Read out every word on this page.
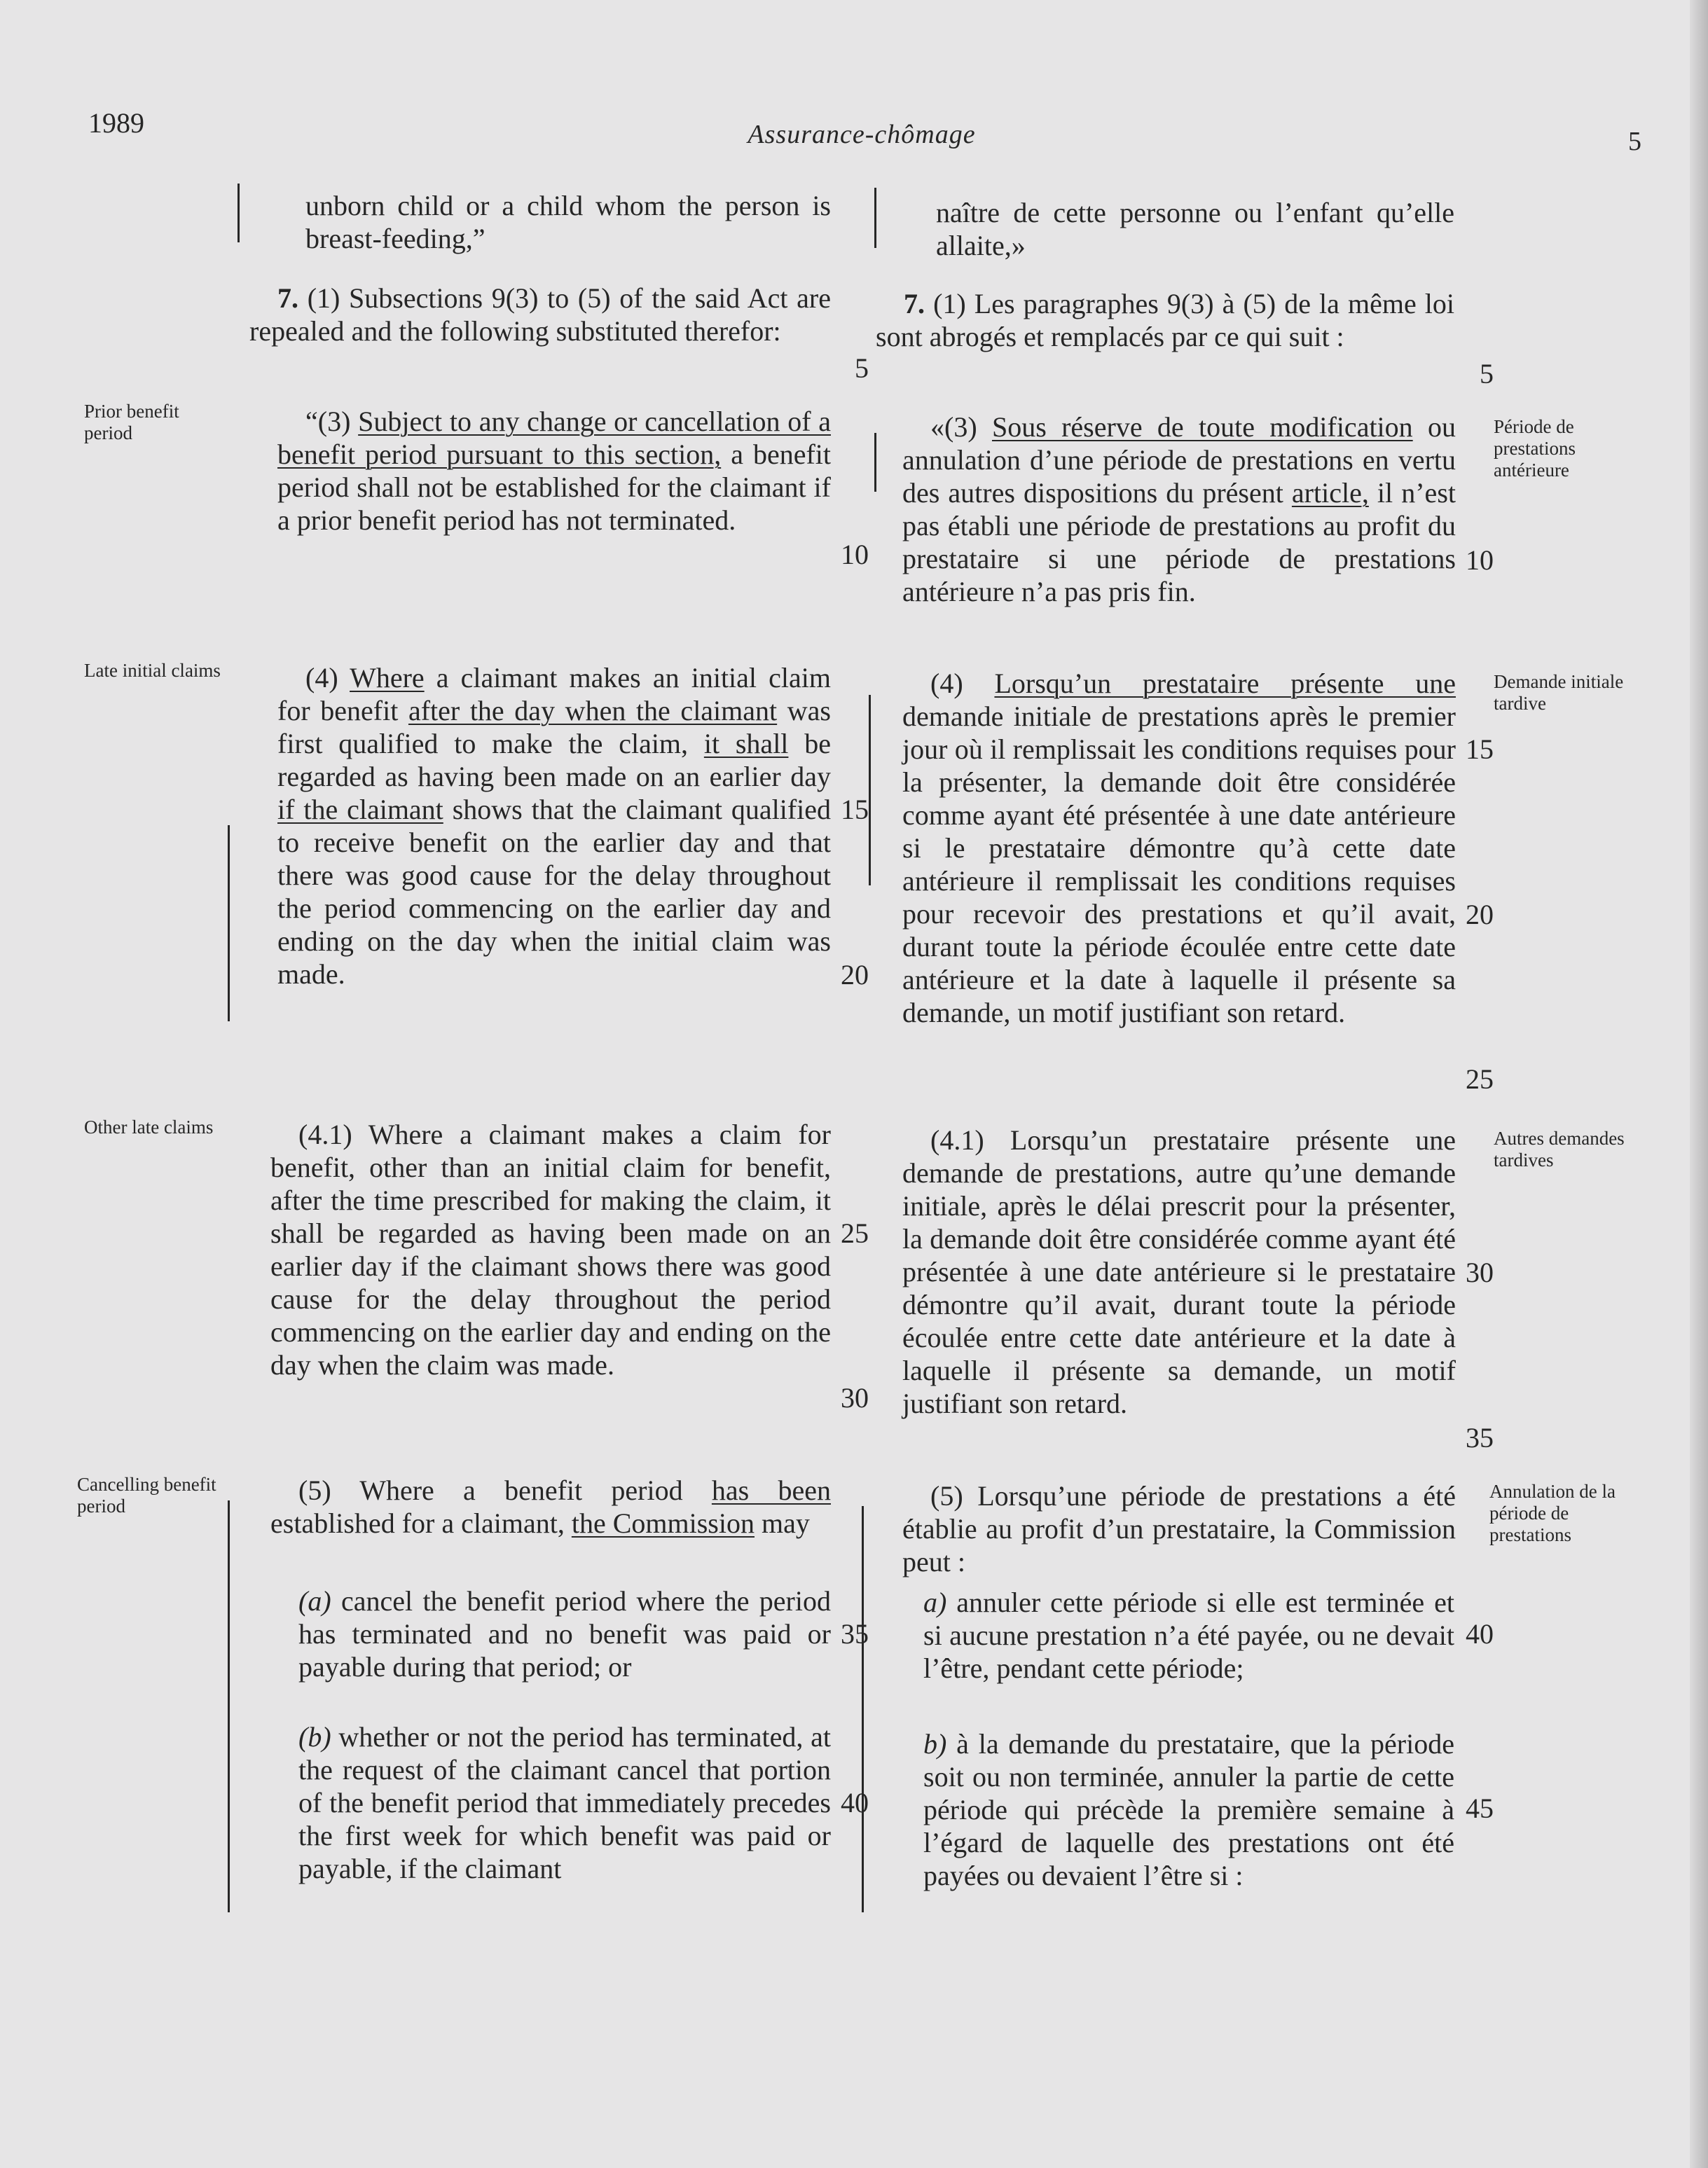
1989	Assurance-chômage	5
unborn child or a child whom the person is breast-feeding,”
7. (1) Subsections 9(3) to (5) of the said Act are repealed and the following substituted therefor:
“(3) Subject to any change or cancellation of a benefit period pursuant to this section, a benefit period shall not be established for the claimant if a prior benefit period has not terminated.
(4) Where a claimant makes an initial claim for benefit after the day when the claimant was first qualified to make the claim, it shall be regarded as having been made on an earlier day if the claimant shows that the claimant qualified to receive benefit on the earlier day and that there was good cause for the delay throughout the period commencing on the earlier day and ending on the day when the initial claim was made.
(4.1) Where a claimant makes a claim for benefit, other than an initial claim for benefit, after the time prescribed for making the claim, it shall be regarded as having been made on an earlier day if the claimant shows there was good cause for the delay throughout the period commencing on the earlier day and ending on the day when the claim was made.
(5) Where a benefit period has been established for a claimant, the Commission may
(a) cancel the benefit period where the period has terminated and no benefit was paid or payable during that period; or
(b) whether or not the period has terminated, at the request of the claimant cancel that portion of the benefit period that immediately precedes the first week for which benefit was paid or payable, if the claimant
naître de cette personne ou l’enfant qu’elle allaite,»
7. (1) Les paragraphes 9(3) à (5) de la même loi sont abrogés et remplacés par ce qui suit :
«(3) Sous réserve de toute modification ou annulation d’une période de prestations en vertu des autres dispositions du présent article, il n’est pas établi une période de prestations au profit du prestataire si une période de prestations antérieure n’a pas pris fin.
(4) Lorsqu’un prestataire présente une demande initiale de prestations après le premier jour où il remplissait les conditions requises pour la présenter, la demande doit être considérée comme ayant été présentée à une date antérieure si le prestataire démontre qu’à cette date antérieure il remplissait les conditions requises pour recevoir des prestations et qu’il avait, durant toute la période écoulée entre cette date antérieure et la date à laquelle il présente sa demande, un motif justifiant son retard.
(4.1) Lorsqu’un prestataire présente une demande de prestations, autre qu’une demande initiale, après le délai prescrit pour la présenter, la demande doit être considérée comme ayant été présentée à une date antérieure si le prestataire démontre qu’il avait, durant toute la période écoulée entre cette date antérieure et la date à laquelle il présente sa demande, un motif justifiant son retard.
(5) Lorsqu’une période de prestations a été établie au profit d’un prestataire, la Commission peut :
a) annuler cette période si elle est terminée et si aucune prestation n’a été payée, ou ne devait l’être, pendant cette période;
b) à la demande du prestataire, que la période soit ou non terminée, annuler la partie de cette période qui précède la première semaine à l’égard de laquelle des prestations ont été payées ou devaient l’être si :
Prior benefit period
Late initial claims
Other late claims
Cancelling benefit period
Période de prestations antérieure
Demande initiale tardive
Autres demandes tardives
Annulation de la période de prestations
5
10
15
20
25
30
35
40
5
10
15
20
25
30
35
40
45
